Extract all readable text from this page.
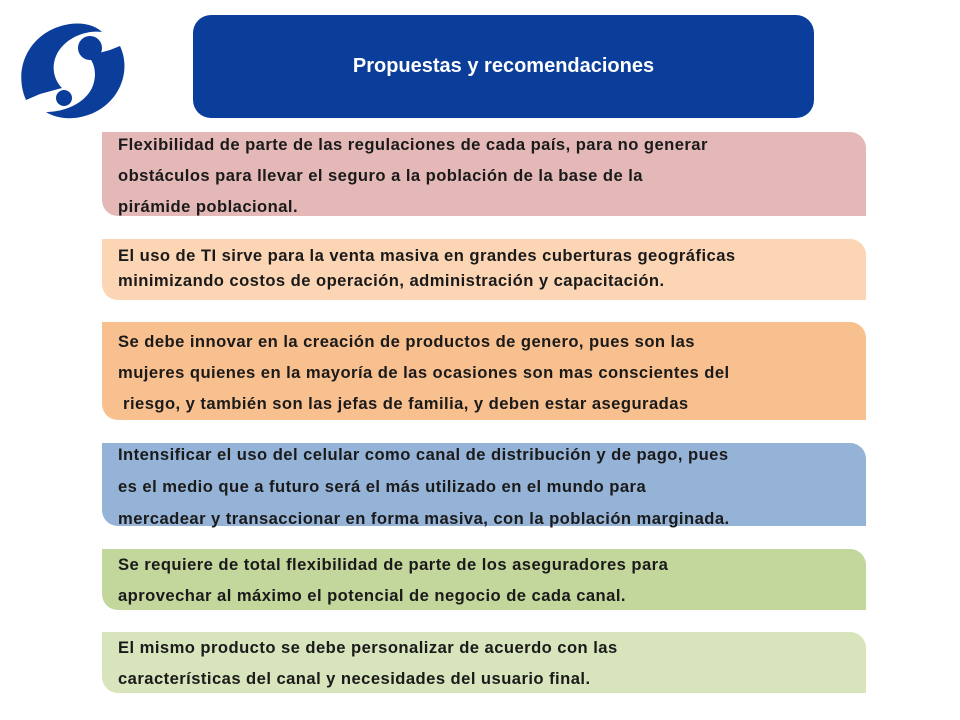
Propuestas y recomendaciones

Flexibilidad de parte de las regulaciones de cada país, para no generar
obstáculos para llevar el seguro a la población de la base de la
pirámide poblacional.

El uso de TI sirve para la venta masiva en grandes cuberturas geográficas
minimizando costos de operación, administración y capacitación.

Se debe innovar en la creación de productos de genero, pues son las
mujeres quienes en la mayoría de las ocasiones son mas conscientes del
riesgo, y también son las jefas de familia, y deben estar aseguradas

Intensificar el uso del celular como canal de distribución y de pago, pues
es el medio que a futuro será el más utilizado en el mundo para
mercadear y transaccionar en forma masiva, con la población marginada.

Se requiere de total flexibilidad de parte de los aseguradores para
aprovechar al máximo el potencial de negocio de cada canal.

El mismo producto se debe personalizar de acuerdo con las
características del canal y necesidades del usuario final.
